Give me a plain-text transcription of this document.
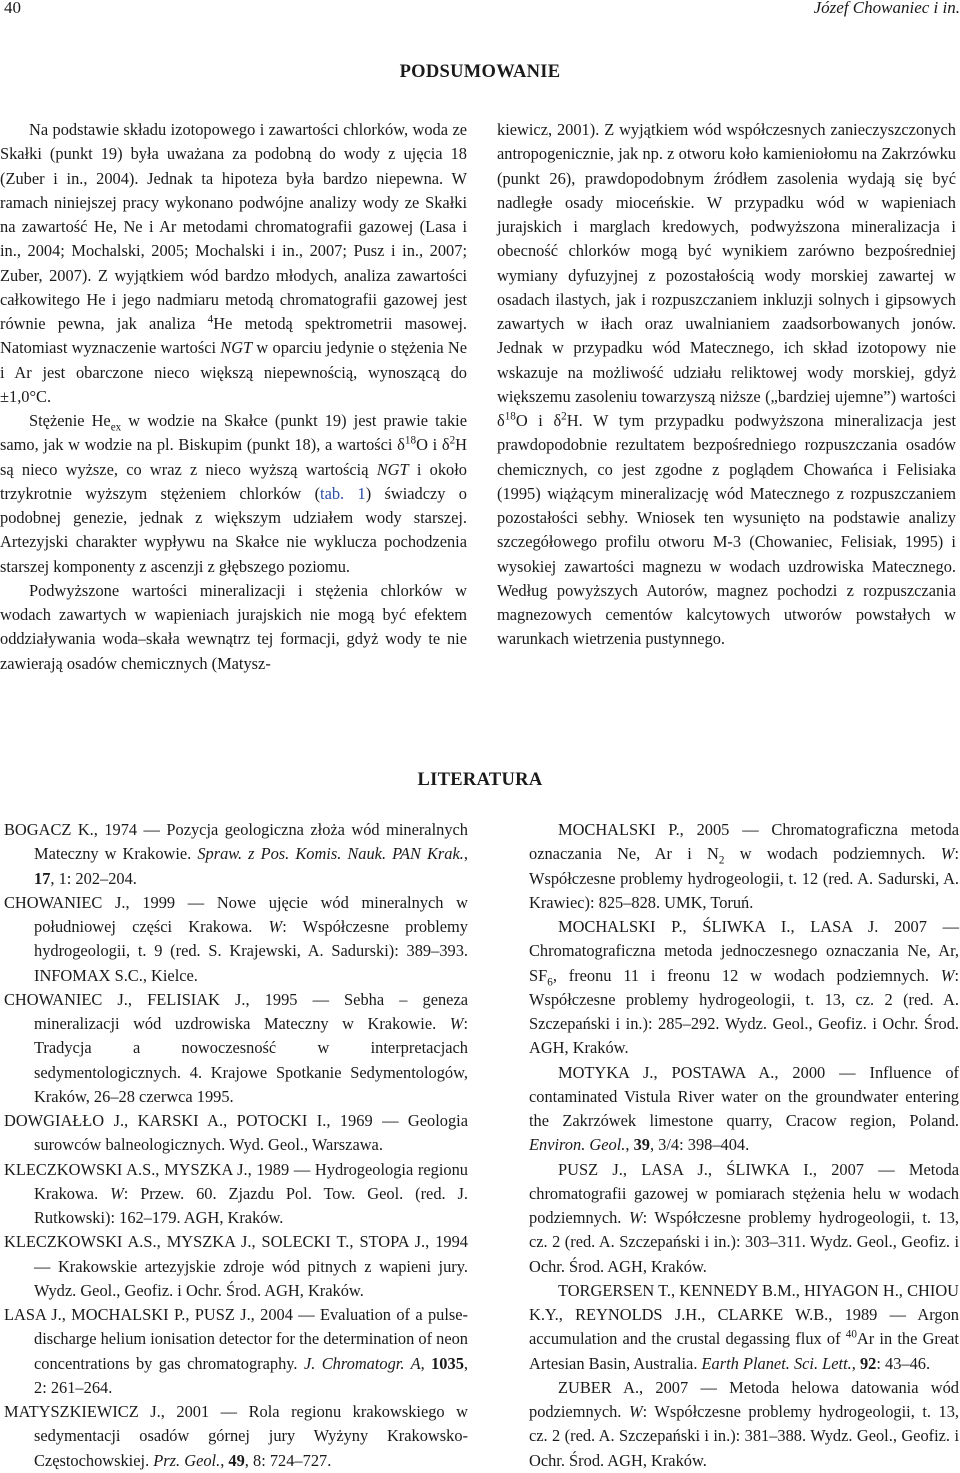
40	Józef Chowaniec i in.
PODSUMOWANIE

Na podstawie składu izotopowego i zawartości chlorków, woda ze Skałki (punkt 19) była uważana za podobną do wody z ujęcia 18 (Zuber i in., 2004). Jednak ta hipoteza była bardzo niepewna. W ramach niniejszej pracy wykonano podwójne analizy wody ze Skałki na zawartość He, Ne i Ar metodami chromatografii gazowej (Lasa i in., 2004; Mochalski, 2005; Mochalski i in., 2007; Pusz i in., 2007; Zuber, 2007). Z wyjątkiem wód bardzo młodych, analiza zawartości całkowitego He i jego nadmiaru metodą chromatografii gazowej jest równie pewna, jak analiza $^4$He metodą spektrometrii masowej. Natomiast wyznaczenie wartości NGT w oparciu jedynie o stężenia Ne i Ar jest obarczone nieco większą niepewnością, wynoszącą do ±1,0°C.

Stężenie $He_{ex}$ w wodzie na Skałce (punkt 19) jest prawie takie samo, jak w wodzie na pl. Biskupim (punkt 18), a wartości $\delta^{18}O$ i $\delta^2H$ są nieco wyższe, co wraz z nieco wyższą wartością NGT i około trzykrotnie wyższym stężeniem chlorków (tab. 1) świadczy o podobnej genezie, jednak z większym udziałem wody starszej. Artezyjski charakter wypływu na Skałce nie wyklucza pochodzenia starszej komponenty z ascenzji z głębszego poziomu.

Podwyższone wartości mineralizacji i stężenia chlorków w wodach zawartych w wapieniach jurajskich nie mogą być efektem oddziaływania woda–skała wewnątrz tej formacji, gdyż wody te nie zawierają osadów chemicznych (Matysz-

kiewicz, 2001). Z wyjątkiem wód współczesnych zanieczyszczonych antropogenicznie, jak np. z otworu koło kamieniołomu na Zakrzówku (punkt 26), prawdopodobnym źródłem zasolenia wydają się być nadległe osady mioceńskie. W przypadku wód w wapieniach jurajskich i marglach kredowych, podwyższona mineralizacja i obecność chlorków mogą być wynikiem zarówno bezpośredniej wymiany dyfuzyjnej z pozostałością wody morskiej zawartej w osadach ilastych, jak i rozpuszczaniem inkluzji solnych i gipsowych zawartych w iłach oraz uwalnianiem zaadsorbowanych jonów. Jednak w przypadku wód Matecznego, ich skład izotopowy nie wskazuje na możliwość udziału reliktowej wody morskiej, gdyż większemu zasoleniu towarzyszą niższe („bardziej ujemne”) wartości $\delta^{18}O$ i $\delta^2H$. W tym przypadku podwyższona mineralizacja jest prawdopodobnie rezultatem bezpośredniego rozpuszczania osadów chemicznych, co jest zgodne z poglądem Chowańca i Felisiaka (1995) wiążącym mineralizację wód Matecznego z rozpuszczaniem pozostałości sebhy. Wniosek ten wysunięto na podstawie analizy szczegółowego profilu otworu M-3 (Chowaniec, Felisiak, 1995) i wysokiej zawartości magnezu w wodach uzdrowiska Matecznego. Według powyższych Autorów, magnez pochodzi z rozpuszczania magnezowych cementów kalcytowych utworów powstałych w warunkach wietrzenia pustynnego.

LITERATURA

BOGACZ K., 1974 — Pozycja geologiczna złoża wód mineralnych Mateczny w Krakowie. Spraw. z Pos. Komis. Nauk. PAN Krak., 17, 1: 202–204.

CHOWANIEC J., 1999 — Nowe ujęcie wód mineralnych w południowej części Krakowa. W: Współczesne problemy hydrogeologii, t. 9 (red. S. Krajewski, A. Sadurski): 389–393. INFOMAX S.C., Kielce.

CHOWANIEC J., FELISIAK J., 1995 — Sebha – geneza mineralizacji wód uzdrowiska Mateczny w Krakowie. W: Tradycja a nowoczesność w interpretacjach sedymentologicznych. 4. Krajowe Spotkanie Sedymentologów, Kraków, 26–28 czerwca 1995.

DOWGIAŁŁO J., KARSKI A., POTOCKI I., 1969 — Geologia surowców balneologicznych. Wyd. Geol., Warszawa.

KLECZKOWSKI A.S., MYSZKA J., 1989 — Hydrogeologia regionu Krakowa. W: Przew. 60. Zjazdu Pol. Tow. Geol. (red. J. Rutkowski): 162–179. AGH, Kraków.

KLECZKOWSKI A.S., MYSZKA J., SOLECKI T., STOPA J., 1994 — Krakowskie artezyjskie zdroje wód pitnych z wapieni jury. Wydz. Geol., Geofiz. i Ochr. Środ. AGH, Kraków.

LASA J., MOCHALSKI P., PUSZ J., 2004 — Evaluation of a pulse-discharge helium ionisation detector for the determination of neon concentrations by gas chromatography. J. Chromatogr. A, 1035, 2: 261–264.

MATYSZKIEWICZ J., 2001 — Rola regionu krakowskiego w sedymentacji osadów górnej jury Wyżyny Krakowsko-Częstochowskiej. Prz. Geol., 49, 8: 724–727.

MOCHALSKI P., 2005 — Chromatograficzna metoda oznaczania Ne, Ar i $N_2$ w wodach podziemnych. W: Współczesne problemy hydrogeologii, t. 12 (red. A. Sadurski, A. Krawiec): 825–828. UMK, Toruń.

MOCHALSKI P., ŚLIWKA I., LASA J. 2007 — Chromatograficzna metoda jednoczesnego oznaczania Ne, Ar, $SF_6$, freonu 11 i freonu 12 w wodach podziemnych. W: Współczesne problemy hydrogeologii, t. 13, cz. 2 (red. A. Szczepański i in.): 285–292. Wydz. Geol., Geofiz. i Ochr. Środ. AGH, Kraków.

MOTYKA J., POSTAWA A., 2000 — Influence of contaminated Vistula River water on the groundwater entering the Zakrzówek limestone quarry, Cracow region, Poland. Environ. Geol., 39, 3/4: 398–404.

PUSZ J., LASA J., ŚLIWKA I., 2007 — Metoda chromatografii gazowej w pomiarach stężenia helu w wodach podziemnych. W: Współczesne problemy hydrogeologii, t. 13, cz. 2 (red. A. Szczepański i in.): 303–311. Wydz. Geol., Geofiz. i Ochr. Środ. AGH, Kraków.

TORGERSEN T., KENNEDY B.M., HIYAGON H., CHIOU K.Y., REYNOLDS J.H., CLARKE W.B., 1989 — Argon accumulation and the crustal degassing flux of $^{40}$Ar in the Great Artesian Basin, Australia. Earth Planet. Sci. Lett., 92: 43–46.

ZUBER A., 2007 — Metoda helowa datowania wód podziemnych. W: Współczesne problemy hydrogeologii, t. 13, cz. 2 (red. A. Szczepański i in.): 381–388. Wydz. Geol., Geofiz. i Ochr. Środ. AGH, Kraków.
